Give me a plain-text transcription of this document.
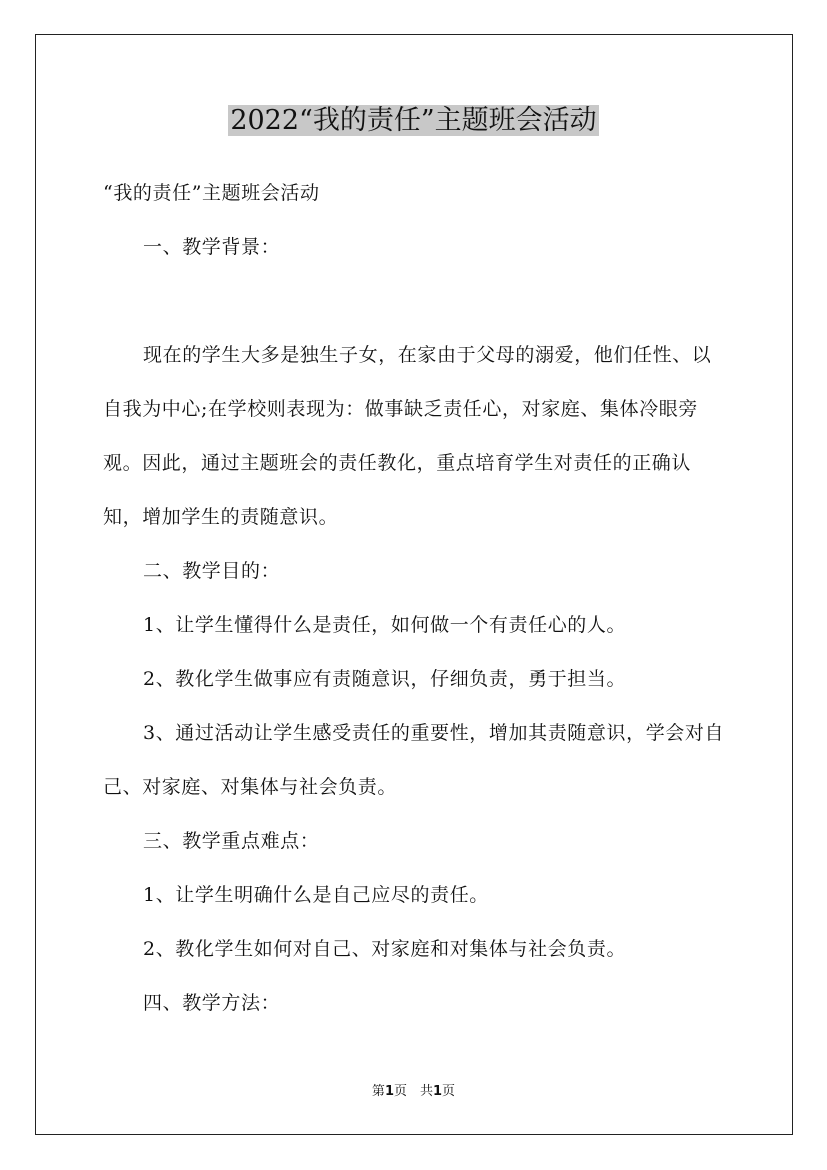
2022“我的责任”主题班会活动

“我的责任”主题班会活动

一、教学背景：

现在的学生大多是独生子女，在家由于父母的溺爱，他们任性、以自我为中心;在学校则表现为：做事缺乏责任心，对家庭、集体冷眼旁观。因此，通过主题班会的责任教化，重点培育学生对责任的正确认知，增加学生的责随意识。

二、教学目的：

1、让学生懂得什么是责任，如何做一个有责任心的人。

2、教化学生做事应有责随意识，仔细负责，勇于担当。

3、通过活动让学生感受责任的重要性，增加其责随意识，学会对自己、对家庭、对集体与社会负责。

三、教学重点难点：

1、让学生明确什么是自己应尽的责任。

2、教化学生如何对自己、对家庭和对集体与社会负责。

四、教学方法：

第1页　共1页
